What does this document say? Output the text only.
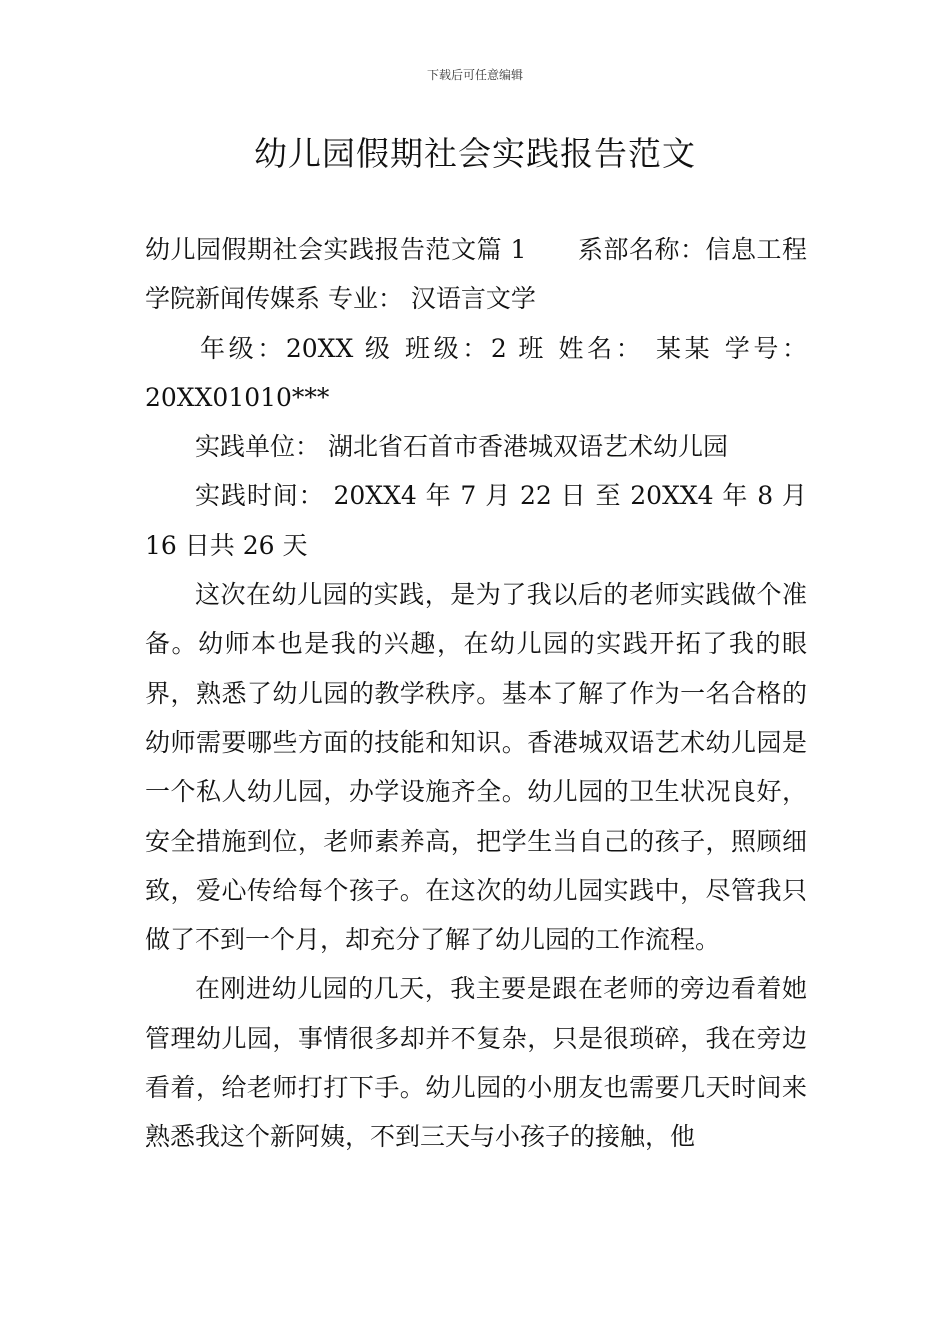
下载后可任意编辑
幼儿园假期社会实践报告范文

幼儿园假期社会实践报告范文篇 1　　系部名称：信息工程学院新闻传媒系 专业： 汉语言文学

年级：20XX 级 班级：2 班 姓名： 某某 学号：20XX01010***

实践单位： 湖北省石首市香港城双语艺术幼儿园

实践时间： 20XX4 年 7 月 22 日 至 20XX4 年 8 月 16 日共 26 天

这次在幼儿园的实践，是为了我以后的老师实践做个准备。幼师本也是我的兴趣，在幼儿园的实践开拓了我的眼界，熟悉了幼儿园的教学秩序。基本了解了作为一名合格的幼师需要哪些方面的技能和知识。香港城双语艺术幼儿园是一个私人幼儿园，办学设施齐全。幼儿园的卫生状况良好，安全措施到位，老师素养高，把学生当自己的孩子，照顾细致，爱心传给每个孩子。在这次的幼儿园实践中，尽管我只做了不到一个月，却充分了解了幼儿园的工作流程。

在刚进幼儿园的几天，我主要是跟在老师的旁边看着她管理幼儿园，事情很多却并不复杂，只是很琐碎，我在旁边看着，给老师打打下手。幼儿园的小朋友也需要几天时间来熟悉我这个新阿姨，不到三天与小孩子的接触，他
